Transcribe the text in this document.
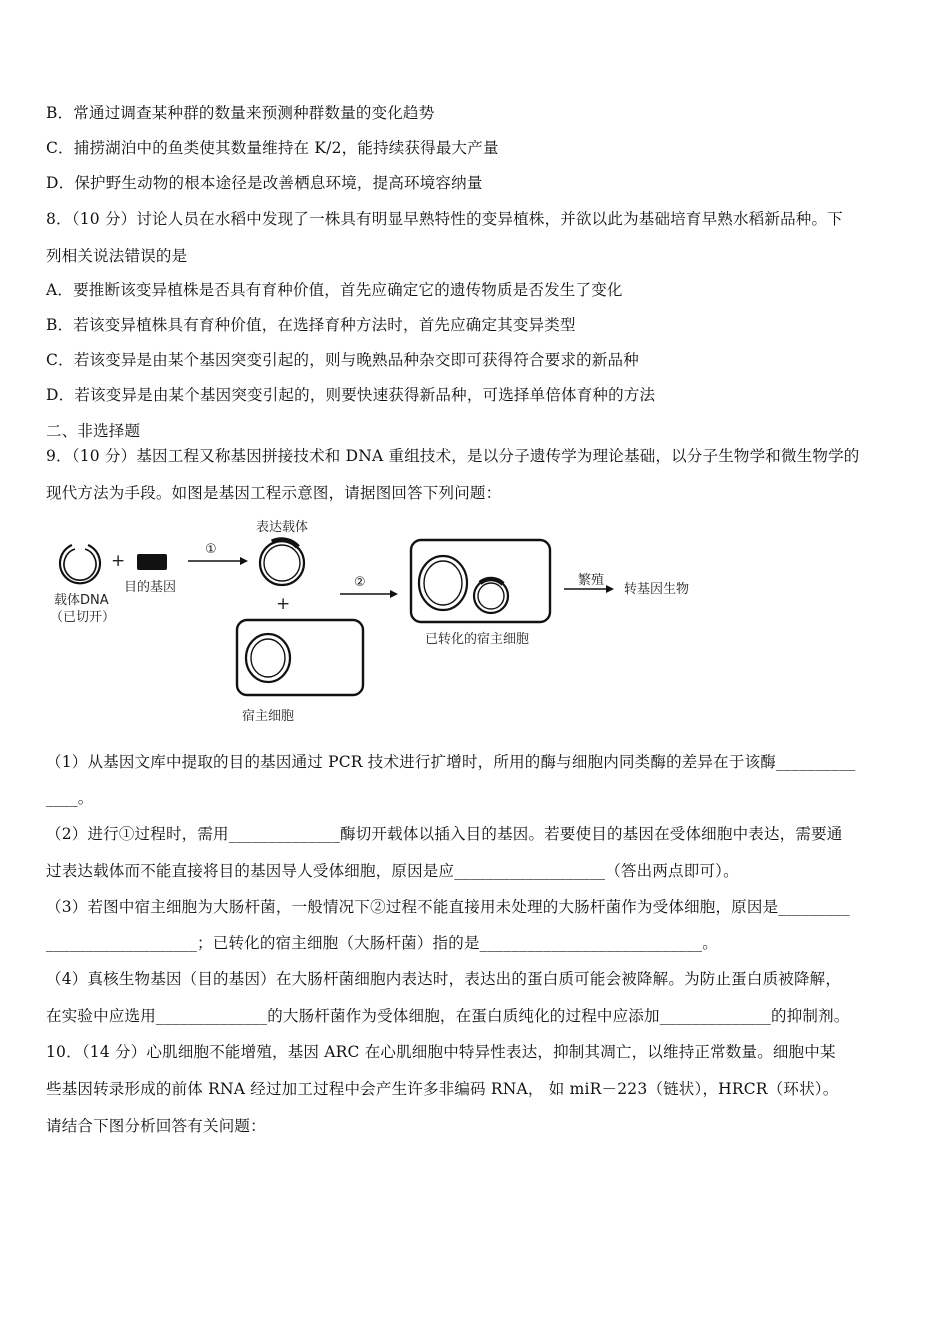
B．常通过调查某种群的数量来预测种群数量的变化趋势

C．捕捞湖泊中的鱼类使其数量维持在 K/2，能持续获得最大产量

D．保护野生动物的根本途径是改善栖息环境，提高环境容纳量

8．（10 分）讨论人员在水稻中发现了一株具有明显早熟特性的变异植株，并欲以此为基础培育早熟水稻新品种。下

列相关说法错误的是

A．要推断该变异植株是否具有育种价值，首先应确定它的遗传物质是否发生了变化

B．若该变异植株具有育种价值，在选择育种方法时，首先应确定其变异类型

C．若该变异是由某个基因突变引起的，则与晚熟品种杂交即可获得符合要求的新品种

D．若该变异是由某个基因突变引起的，则要快速获得新品种，可选择单倍体育种的方法

二、非选择题

9．（10 分）基因工程又称基因拼接技术和 DNA 重组技术，是以分子遗传学为理论基础，以分子生物学和微生物学的

现代方法为手段。如图是基因工程示意图，请据图回答下列问题：

载体DNA
（已切开）
+
目的基因
①
表达载体
+
宿主细胞
②
已转化的宿主细胞
繁殖
转基因生物

（1）从基因文库中提取的目的基因通过 PCR 技术进行扩增时，所用的酶与细胞内同类酶的差异在于该酶__________

____。

（2）进行①过程时，需用______________酶切开载体以插入目的基因。若要使目的基因在受体细胞中表达，需要通

过表达载体而不能直接将目的基因导人受体细胞，原因是应___________________（答出两点即可）。

（3）若图中宿主细胞为大肠杆菌，一般情况下②过程不能直接用未处理的大肠杆菌作为受体细胞，原因是_________

___________________；已转化的宿主细胞（大肠杆菌）指的是____________________________。

（4）真核生物基因（目的基因）在大肠杆菌细胞内表达时，表达出的蛋白质可能会被降解。为防止蛋白质被降解，

在实验中应选用______________的大肠杆菌作为受体细胞，在蛋白质纯化的过程中应添加______________的抑制剂。

10．（14 分）心肌细胞不能增殖，基因 ARC 在心肌细胞中特异性表达，抑制其凋亡，以维持正常数量。细胞中某

些基因转录形成的前体 RNA 经过加工过程中会产生许多非编码 RNA， 如 miR－223（链状），HRCR（环状）。

请结合下图分析回答有关问题：
